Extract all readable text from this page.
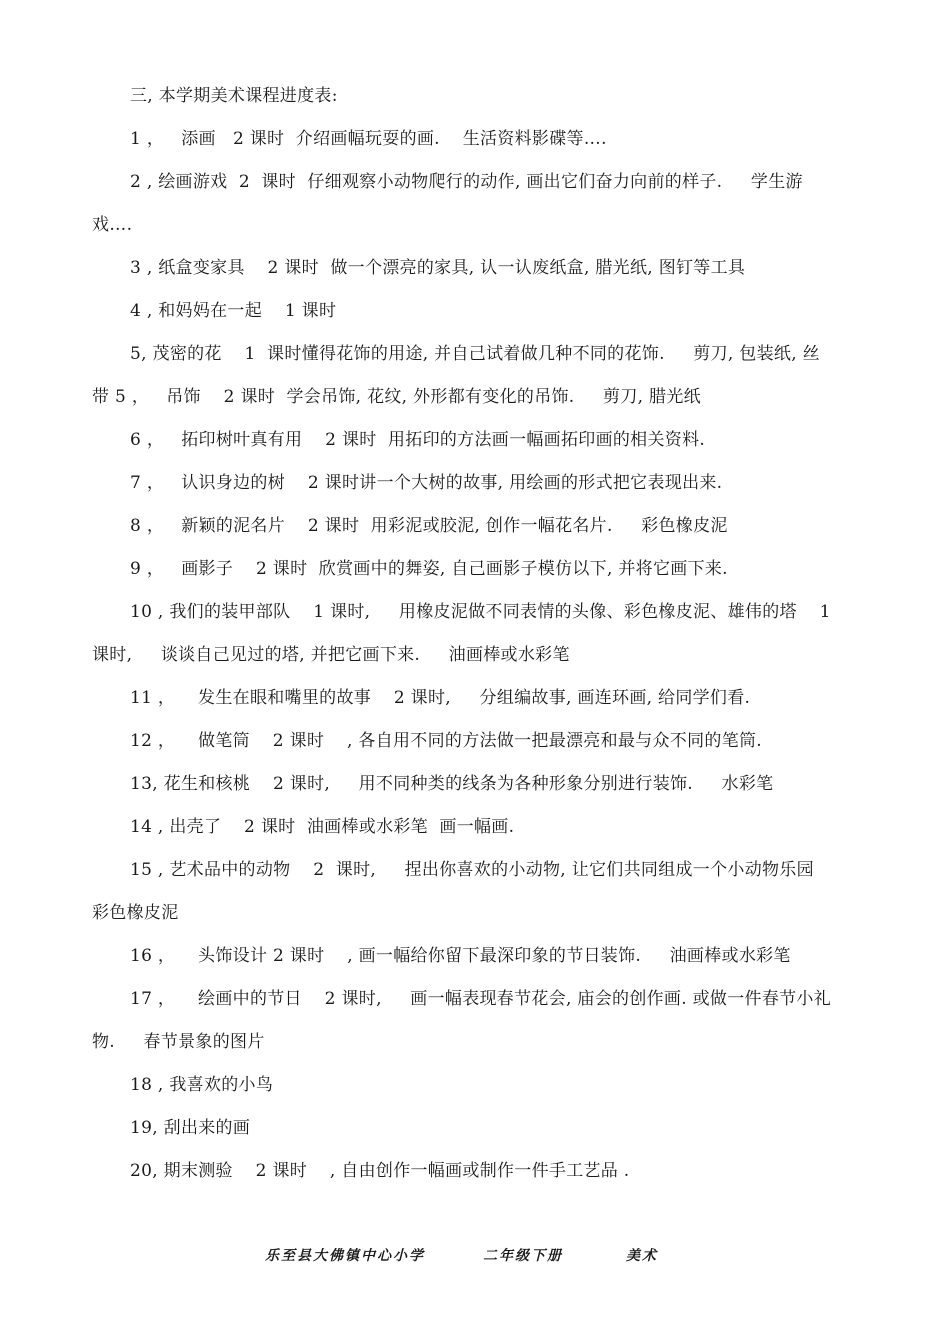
三, 本学期美术课程进度表:
1 ，   添画   2 课时  介绍画幅玩耍的画.    生活资料影碟等….
2 , 绘画游戏  2  课时  仔细观察小动物爬行的动作, 画出它们奋力向前的样子.     学生游
戏….
3 , 纸盒变家具    2 课时  做一个漂亮的家具, 认一认废纸盒, 腊光纸, 图钉等工具
4 , 和妈妈在一起    1 课时
5, 茂密的花    1  课时懂得花饰的用途, 并自己试着做几种不同的花饰.     剪刀, 包装纸, 丝
带 5 ，   吊饰    2 课时  学会吊饰, 花纹, 外形都有变化的吊饰.     剪刀, 腊光纸
6 ，   拓印树叶真有用    2 课时  用拓印的方法画一幅画拓印画的相关资料.
7 ，   认识身边的树    2 课时讲一个大树的故事, 用绘画的形式把它表现出来.
8 ，   新颖的泥名片    2 课时  用彩泥或胶泥, 创作一幅花名片.     彩色橡皮泥
9 ，   画影子    2 课时  欣赏画中的舞姿, 自己画影子模仿以下, 并将它画下来.
10 , 我们的装甲部队    1 课时,     用橡皮泥做不同表情的头像、彩色橡皮泥、雄伟的塔    1
课时,     谈谈自己见过的塔, 并把它画下来.     油画棒或水彩笔
11 ，    发生在眼和嘴里的故事    2 课时,     分组编故事, 画连环画, 给同学们看.
12 ，    做笔筒    2 课时    , 各自用不同的方法做一把最漂亮和最与众不同的笔筒.
13, 花生和核桃    2 课时,     用不同种类的线条为各种形象分别进行装饰.     水彩笔
14 , 出壳了    2 课时  油画棒或水彩笔  画一幅画.
15 , 艺术品中的动物    2  课时,     捏出你喜欢的小动物, 让它们共同组成一个小动物乐园
彩色橡皮泥
16 ，    头饰设计 2 课时    , 画一幅给你留下最深印象的节日装饰.     油画棒或水彩笔
17 ，    绘画中的节日    2 课时,     画一幅表现春节花会, 庙会的创作画. 或做一件春节小礼
物.     春节景象的图片
18 , 我喜欢的小鸟
19, 刮出来的画
20, 期末测验    2 课时    , 自由创作一幅画或制作一件手工艺品 .
乐至县大佛镇中心小学	二年级下册	美术
